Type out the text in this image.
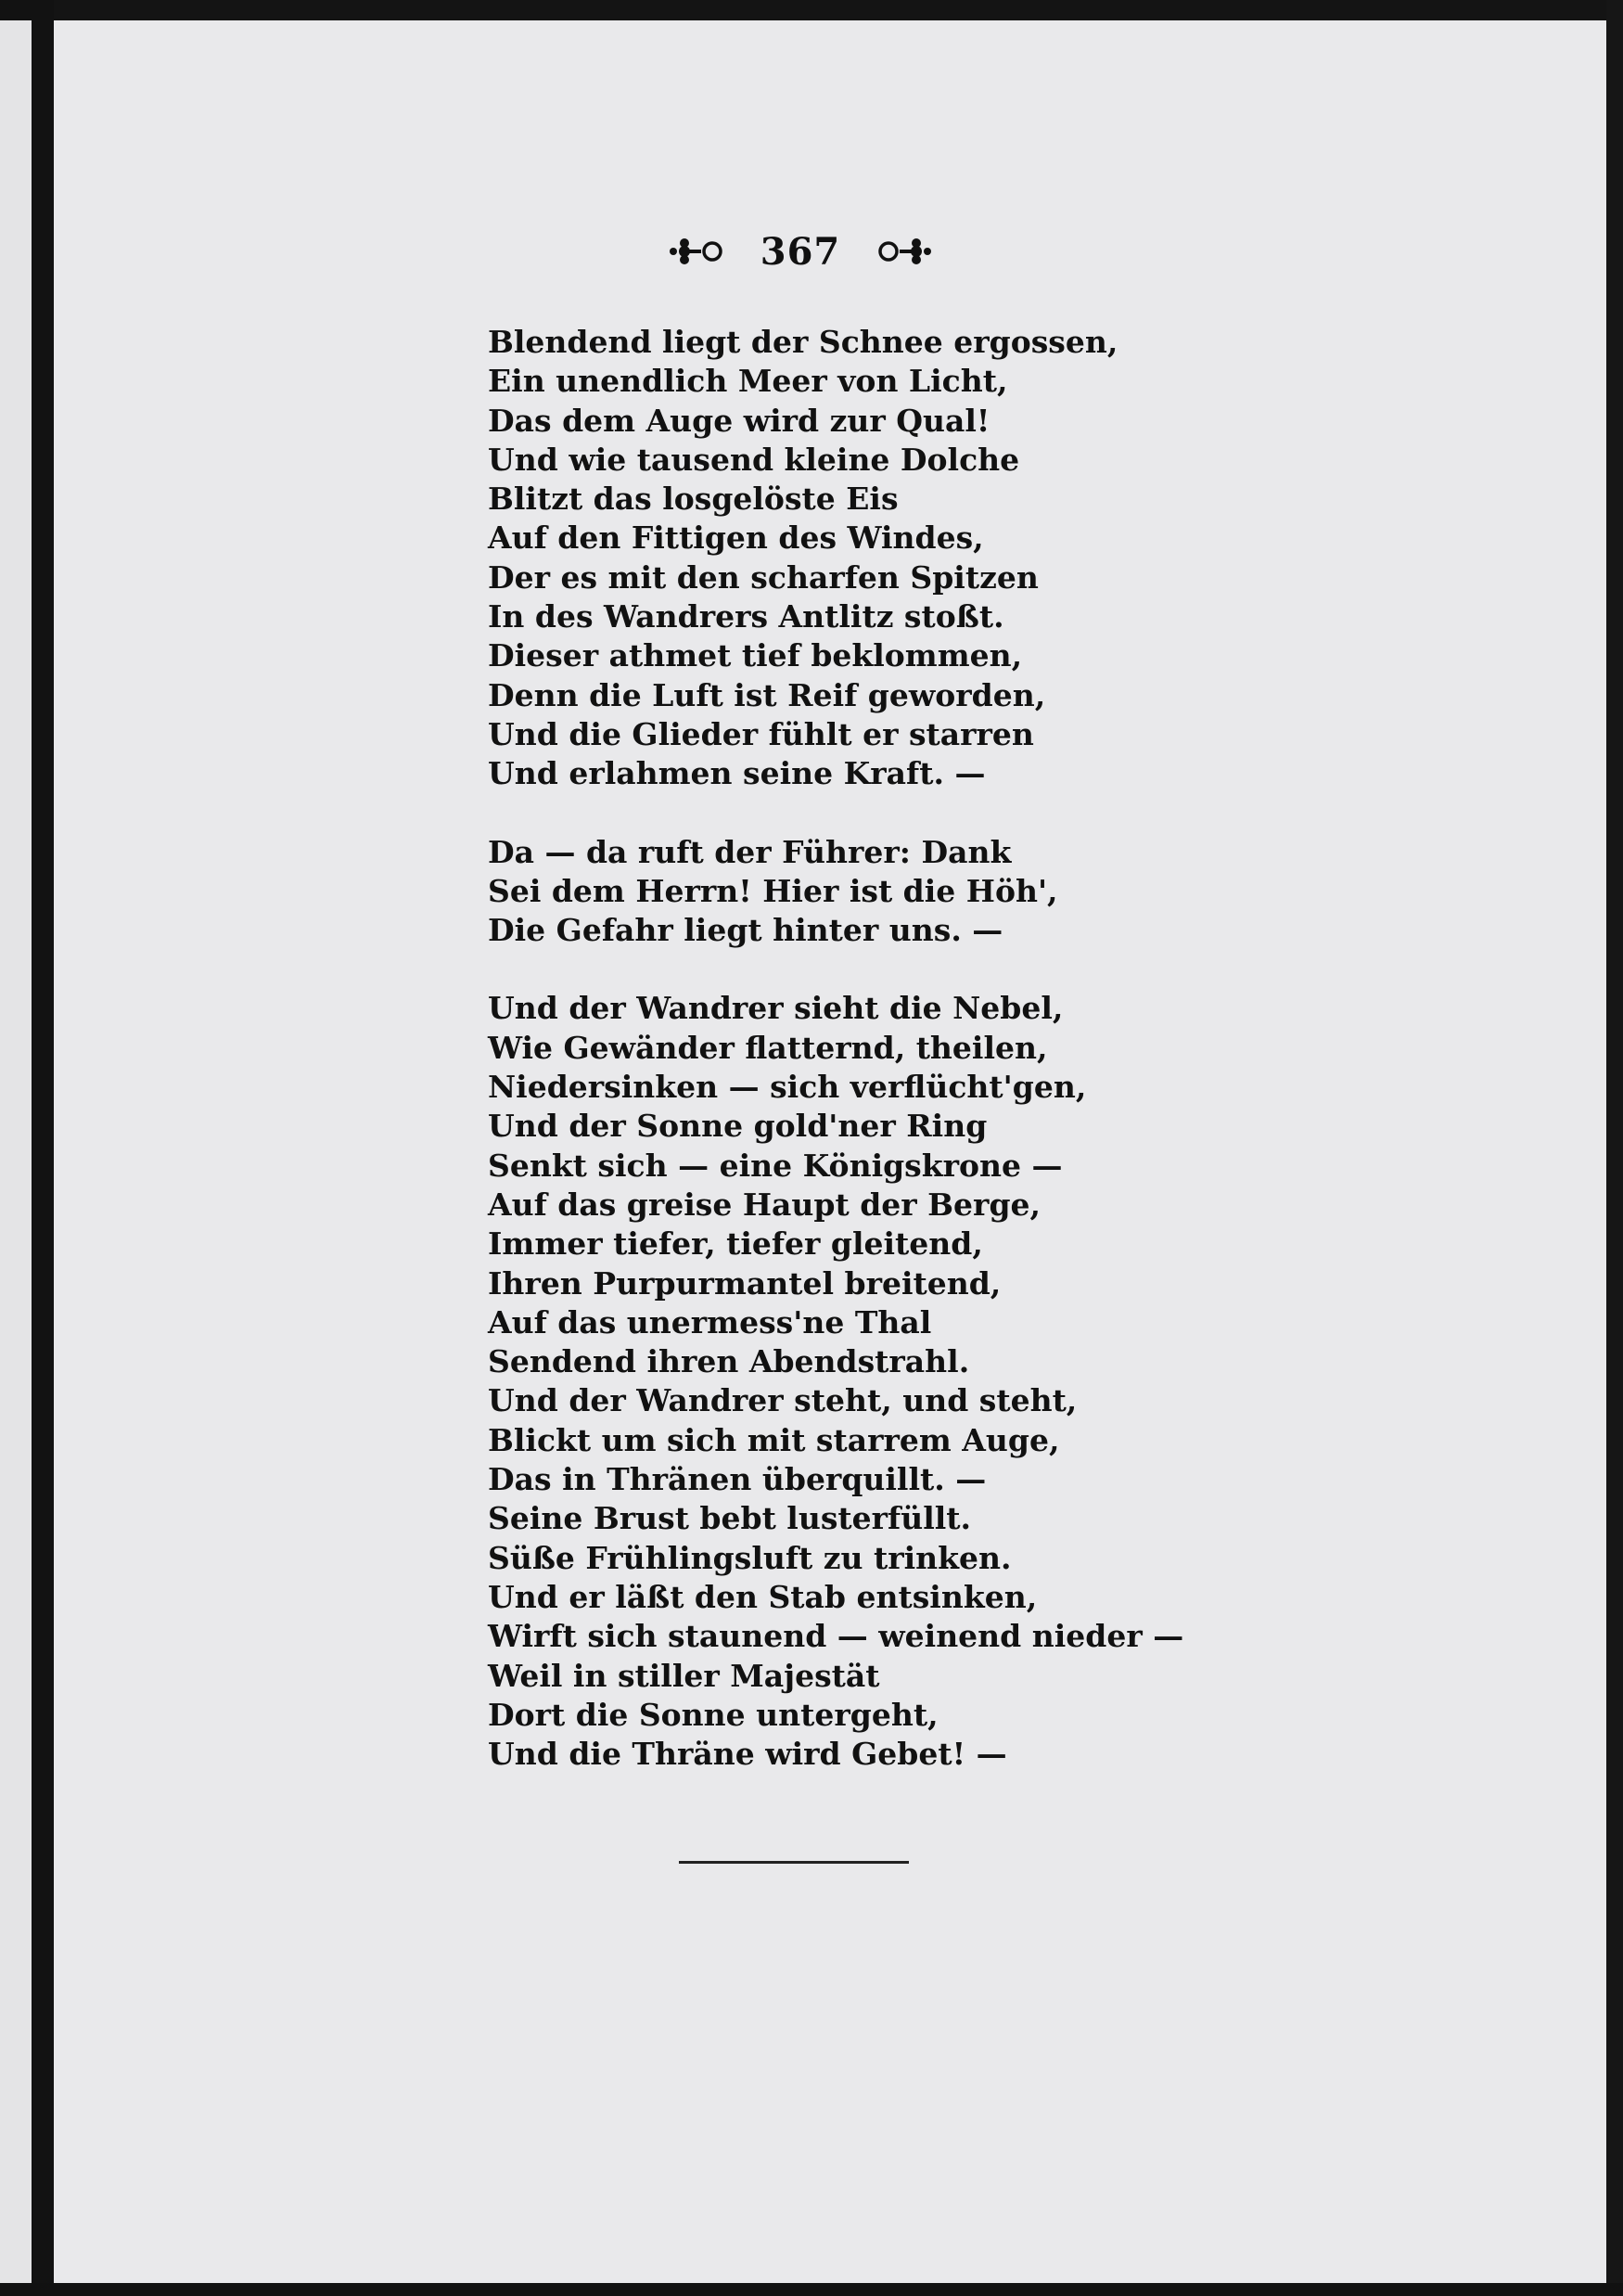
367
Blendend liegt der Schnee ergossen,
Ein unendlich Meer von Licht,
Das dem Auge wird zur Qual!
Und wie tausend kleine Dolche
Blitzt das losgelöste Eis
Auf den Fittigen des Windes,
Der es mit den scharfen Spitzen
In des Wandrers Antlitz stoßt.
Dieser athmet tief beklommen,
Denn die Luft ist Reif geworden,
Und die Glieder fühlt er starren
Und erlahmen seine Kraft. —
Da — da ruft der Führer: Dank
Sei dem Herrn! Hier ist die Höh',
Die Gefahr liegt hinter uns. —
Und der Wandrer sieht die Nebel,
Wie Gewänder flatternd, theilen,
Niedersinken — sich verflücht'gen,
Und der Sonne gold'ner Ring
Senkt sich — eine Königskrone —
Auf das greise Haupt der Berge,
Immer tiefer, tiefer gleitend,
Ihren Purpurmantel breitend,
Auf das unermess'ne Thal
Sendend ihren Abendstrahl.
Und der Wandrer steht, und steht,
Blickt um sich mit starrem Auge,
Das in Thränen überquillt. —
Seine Brust bebt lusterfüllt.
Süße Frühlingsluft zu trinken.
Und er läßt den Stab entsinken,
Wirft sich staunend — weinend nieder —
Weil in stiller Majestät
Dort die Sonne untergeht,
Und die Thräne wird Gebet! —
